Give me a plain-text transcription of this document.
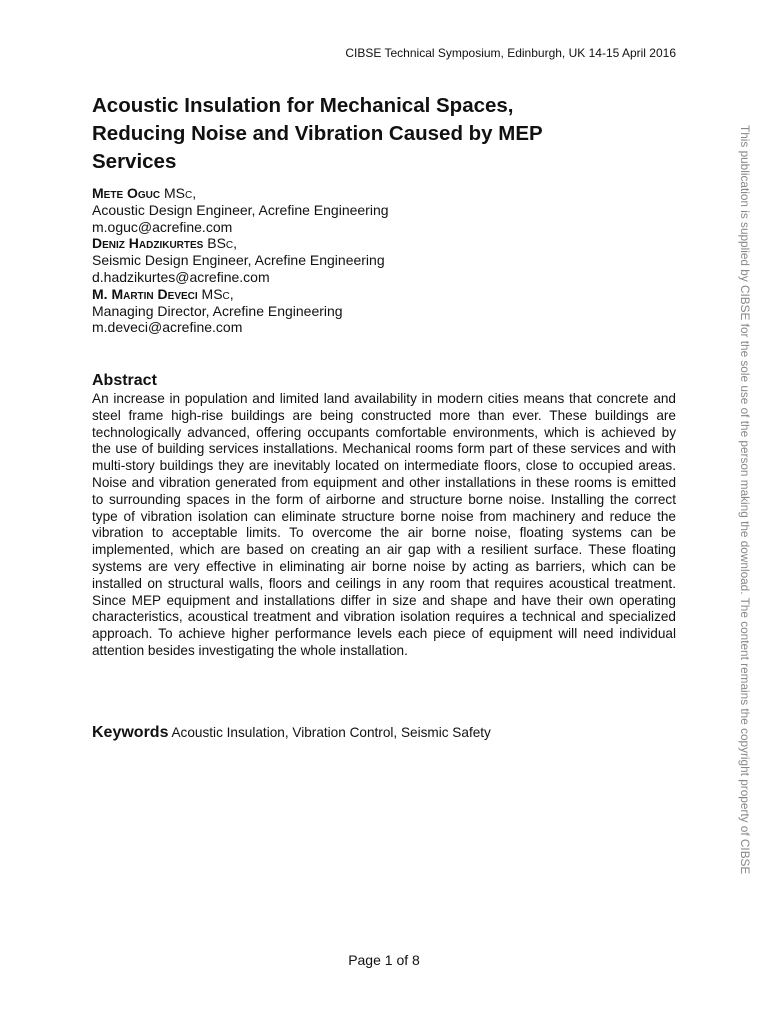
CIBSE Technical Symposium, Edinburgh, UK 14-15 April 2016
Acoustic Insulation for Mechanical Spaces,
Reducing Noise and Vibration Caused by MEP
Services
Mete Oguc MSc,
Acoustic Design Engineer, Acrefine Engineering
m.oguc@acrefine.com
Deniz Hadzikurtes BSc,
Seismic Design Engineer, Acrefine Engineering
d.hadzikurtes@acrefine.com
M. Martin Deveci MSc,
Managing Director, Acrefine Engineering
m.deveci@acrefine.com
Abstract

An increase in population and limited land availability in modern cities means that concrete and steel frame high-rise buildings are being constructed more than ever. These buildings are technologically advanced, offering occupants comfortable environments, which is achieved by the use of building services installations. Mechanical rooms form part of these services and with multi-story buildings they are inevitably located on intermediate floors, close to occupied areas. Noise and vibration generated from equipment and other installations in these rooms is emitted to surrounding spaces in the form of airborne and structure borne noise. Installing the correct type of vibration isolation can eliminate structure borne noise from machinery and reduce the vibration to acceptable limits. To overcome the air borne noise, floating systems can be implemented, which are based on creating an air gap with a resilient surface. These floating systems are very effective in eliminating air borne noise by acting as barriers, which can be installed on structural walls, floors and ceilings in any room that requires acoustical treatment. Since MEP equipment and installations differ in size and shape and have their own operating characteristics, acoustical treatment and vibration isolation requires a technical and specialized approach. To achieve higher performance levels each piece of equipment will need individual attention besides investigating the whole installation.

Keywords Acoustic Insulation, Vibration Control, Seismic Safety	This publication is supplied by CIBSE for the sole use of the person making the download. The content remains the copyright property of CIBSE
Page 1 of 8
